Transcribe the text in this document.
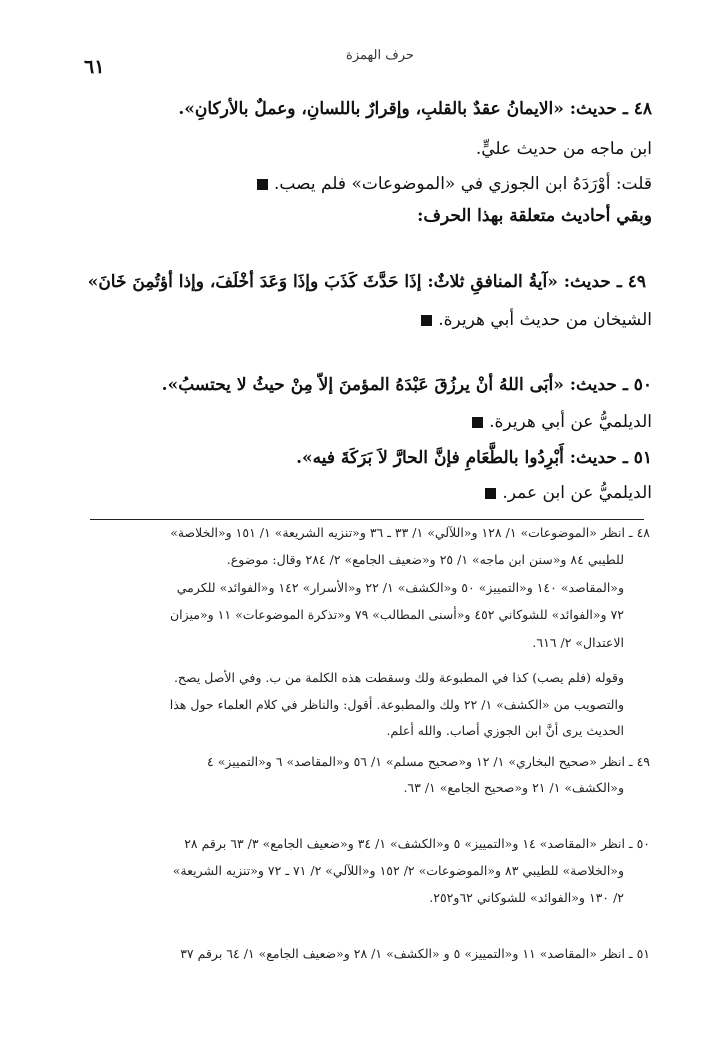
حرف الهمزة
٦١
٤٨ ـ حديث: «الايمانُ عقدٌ بالقلبِ، وإقرارٌ باللسانِ، وعملٌ بالأركانِ».
ابن ماجه من حديث عليٍّ.
قلت: أوْرَدَهُ ابن الجوزي في «الموضوعات» فلم يصب.
وبقي أحاديث متعلقة بهذا الحرف:
٤٩ ـ حديث: «آيةُ المنافقِ ثلاثٌ: إذَا حَدَّثَ كَذَبَ وإذَا وَعَدَ أخْلَفَ، وإذا أؤتُمِنَ خَانَ»
الشيخان من حديث أبي هريرة.
٥٠ ـ حديث: «أبَى اللهُ أنْ يرزُقَ عَبْدَهُ المؤمنَ إلاّ مِنْ حيثُ لا يحتسبُ».
الديلميُّ عن أبي هريرة.
٥١ ـ حديث: أَبْرِدُوا بالطَّعَامِ فإنَّ الحارَّ لاَ بَرَكَةَ فيه».
الديلميُّ عن ابن عمر.
٤٨ ـ انظر «الموضوعات» ١/ ١٢٨ و«اللآلي» ١/ ٣٣ ـ ٣٦ و«تنزيه الشريعة» ١/ ١٥١ و«الخلاصة»
للطيبي ٨٤ و«سنن ابن ماجه» ١/ ٢٥ و«ضعيف الجامع» ٢/ ٢٨٤ وقال: موضوع.
و«المقاصد» ١٤٠ و«التمييز» ٥٠ و«الكشف» ١/ ٢٢ و«الأسرار» ١٤٢ و«الفوائد» للكرمي
٧٢ و«الفوائد» للشوكاني ٤٥٢ و«أسنى المطالب» ٧٩ و«تذكرة الموضوعات» ١١ و«ميزان
الاعتدال» ٢/ ٦١٦.
وقوله (فلم يصب) كذا في المطبوعة ولك وسقطت هذه الكلمة من ب. وفي الأصل يصح.
والتصويب من «الكشف» ١/ ٢٢ ولك والمطبوعة. أقول: والناظر في كلام العلماء حول هذا
الحديث يرى أنَّ ابن الجوزي أصاب. والله أعلم.
٤٩ ـ انظر «صحيح البخاري» ١/ ١٢ و«صحيح مسلم» ١/ ٥٦ و«المقاصد» ٦ و«التمييز» ٤
و«الكشف» ١/ ٢١ و«صحيح الجامع» ١/ ٦٣.
٥٠ ـ انظر «المقاصد» ١٤ و«التمييز» ٥ و«الكشف» ١/ ٣٤ و«ضعيف الجامع» ٣/ ٦٣ برقم ٢٨
و«الخلاصة» للطيبي ٨٣ و«الموضوعات» ٢/ ١٥٢ و«اللآلي» ٢/ ٧١ ـ ٧٢ و«تنزيه الشريعة»
٢/ ١٣٠ و«الفوائد» للشوكاني ٦٢و٢٥٢.
٥١ ـ انظر «المقاصد» ١١ و«التمييز» ٥ و «الكشف» ١/ ٢٨ و«ضعيف الجامع» ١/ ٦٤ برقم ٣٧
